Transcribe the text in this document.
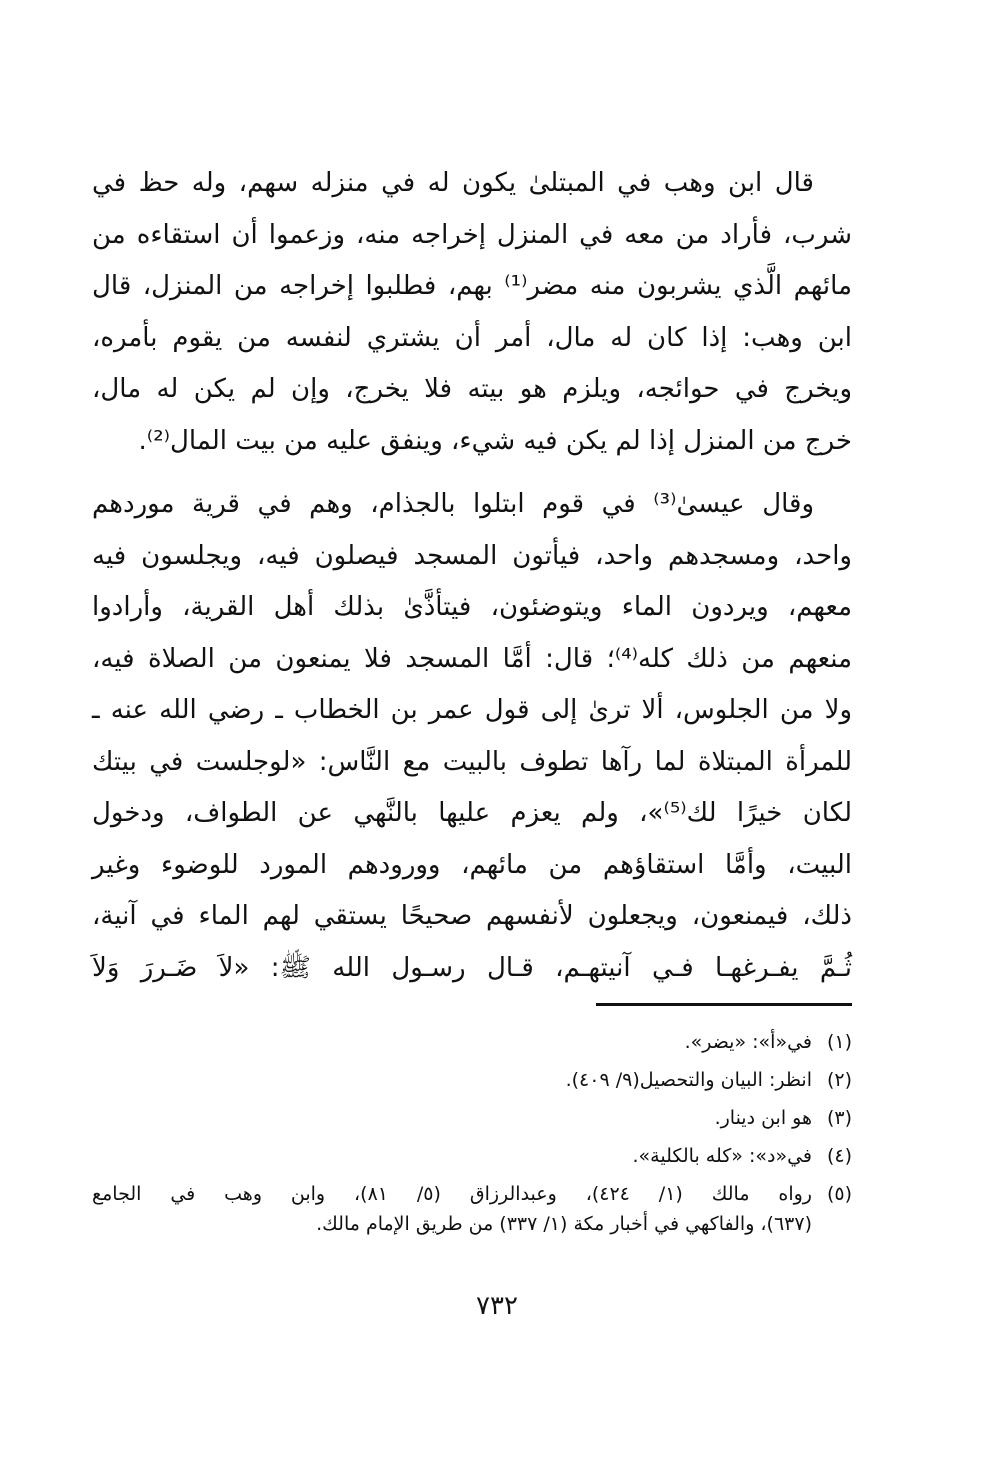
قال ابن وهب في المبتلىٰ يكون له في منزله سهم، وله حظ في
شرب، فأراد من معه في المنزل إخراجه منه، وزعموا أن استقاءه من
مائهم الَّذي يشربون منه مضر⁽¹⁾ بهم، فطلبوا إخراجه من المنزل، قال
ابن وهب: إذا كان له مال، أمر أن يشتري لنفسه من يقوم بأمره،
ويخرج في حوائجه، ويلزم هو بيته فلا يخرج، وإن لم يكن له مال،
خرج من المنزل إذا لم يكن فيه شيء، وينفق عليه من بيت المال⁽²⁾.
وقال عيسىٰ⁽³⁾ في قوم ابتلوا بالجذام، وهم في قرية موردهم
واحد، ومسجدهم واحد، فيأتون المسجد فيصلون فيه، ويجلسون فيه
معهم، ويردون الماء ويتوضئون، فيتأذَّىٰ بذلك أهل القرية، وأرادوا
منعهم من ذلك كله⁽⁴⁾؛ قال: أمَّا المسجد فلا يمنعون من الصلاة فيه،
ولا من الجلوس، ألا ترىٰ إلى قول عمر بن الخطاب ـ رضي الله عنه ـ
للمرأة المبتلاة لما رآها تطوف بالبيت مع النَّاس: «لوجلست في بيتك
لكان خيرًا لك⁽⁵⁾»، ولم يعزم عليها بالنَّهي عن الطواف، ودخول
البيت، وأمَّا استقاؤهم من مائهم، وورودهم المورد للوضوء وغير
ذلك، فيمنعون، ويجعلون لأنفسهم صحيحًا يستقي لهم الماء في آنية،
ثُـمَّ يفـرغهـا فـي آنيتهـم، قـال رسـول الله ﷺ: «لاَ ضَـررَ وَلاَ
(١)
في«أ»: «يضر».
(٢)
انظر: البيان والتحصيل(٩/ ٤٠٩).
(٣)
هو ابن دينار.
(٤)
في«د»: «كله بالكلية».
(٥)
رواه مالك (١/ ٤٢٤)، وعبدالرزاق (٥/ ٨١)، وابن وهب في الجامع
(٦٣٧)، والفاكهي في أخبار مكة (١/ ٣٣٧) من طريق الإمام مالك.
٧٣٢
